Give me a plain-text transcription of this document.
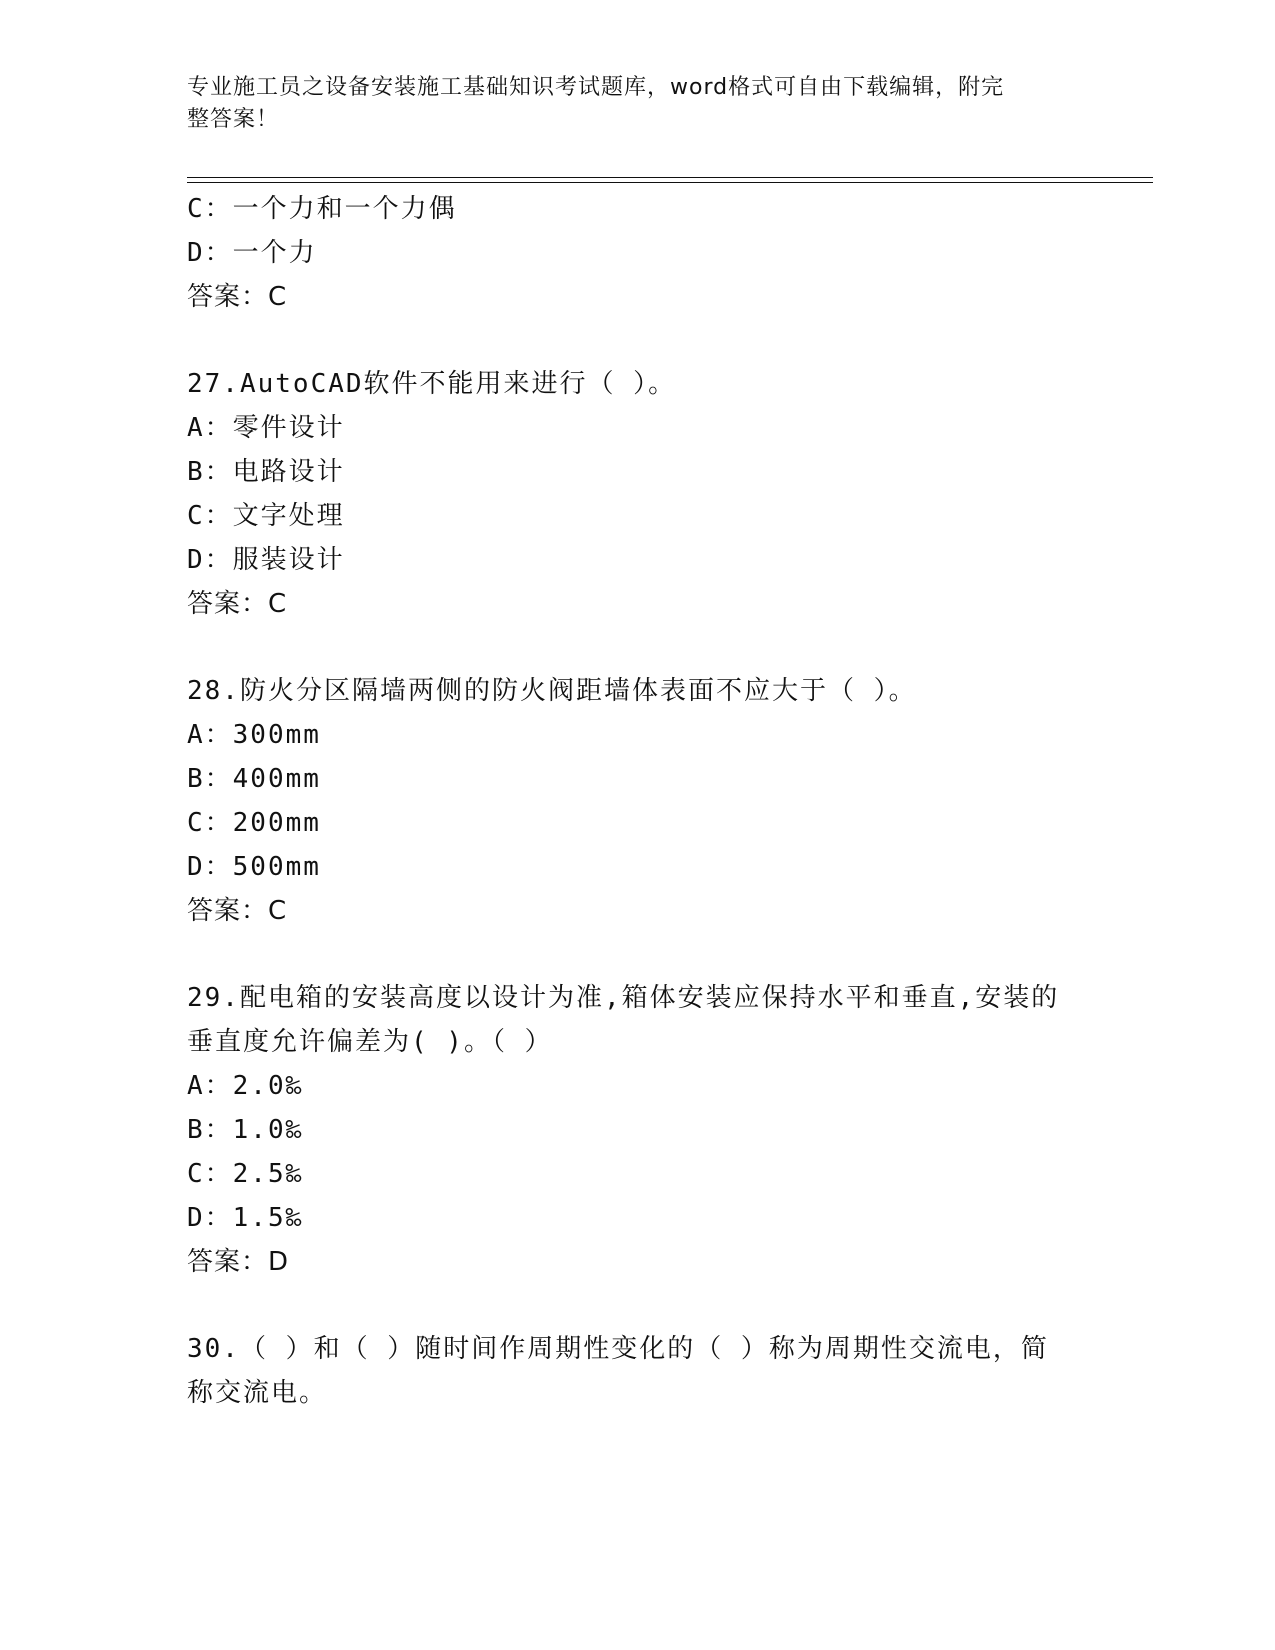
专业施工员之设备安装施工基础知识考试题库，word格式可自由下载编辑，附完
整答案！
C：一个力和一个力偶
D：一个力
答案：C
27.AutoCAD软件不能用来进行（ ）。
A：零件设计
B：电路设计
C：文字处理
D：服装设计
答案：C
28.防火分区隔墙两侧的防火阀距墙体表面不应大于（ ）。
A：300mm
B：400mm
C：200mm
D：500mm
答案：C
29.配电箱的安装高度以设计为准,箱体安装应保持水平和垂直,安装的
垂直度允许偏差为( )。（ ）
A：2.0‰
B：1.0‰
C：2.5‰
D：1.5‰
答案：D
30.（ ）和（ ）随时间作周期性变化的（ ）称为周期性交流电，简
称交流电。
